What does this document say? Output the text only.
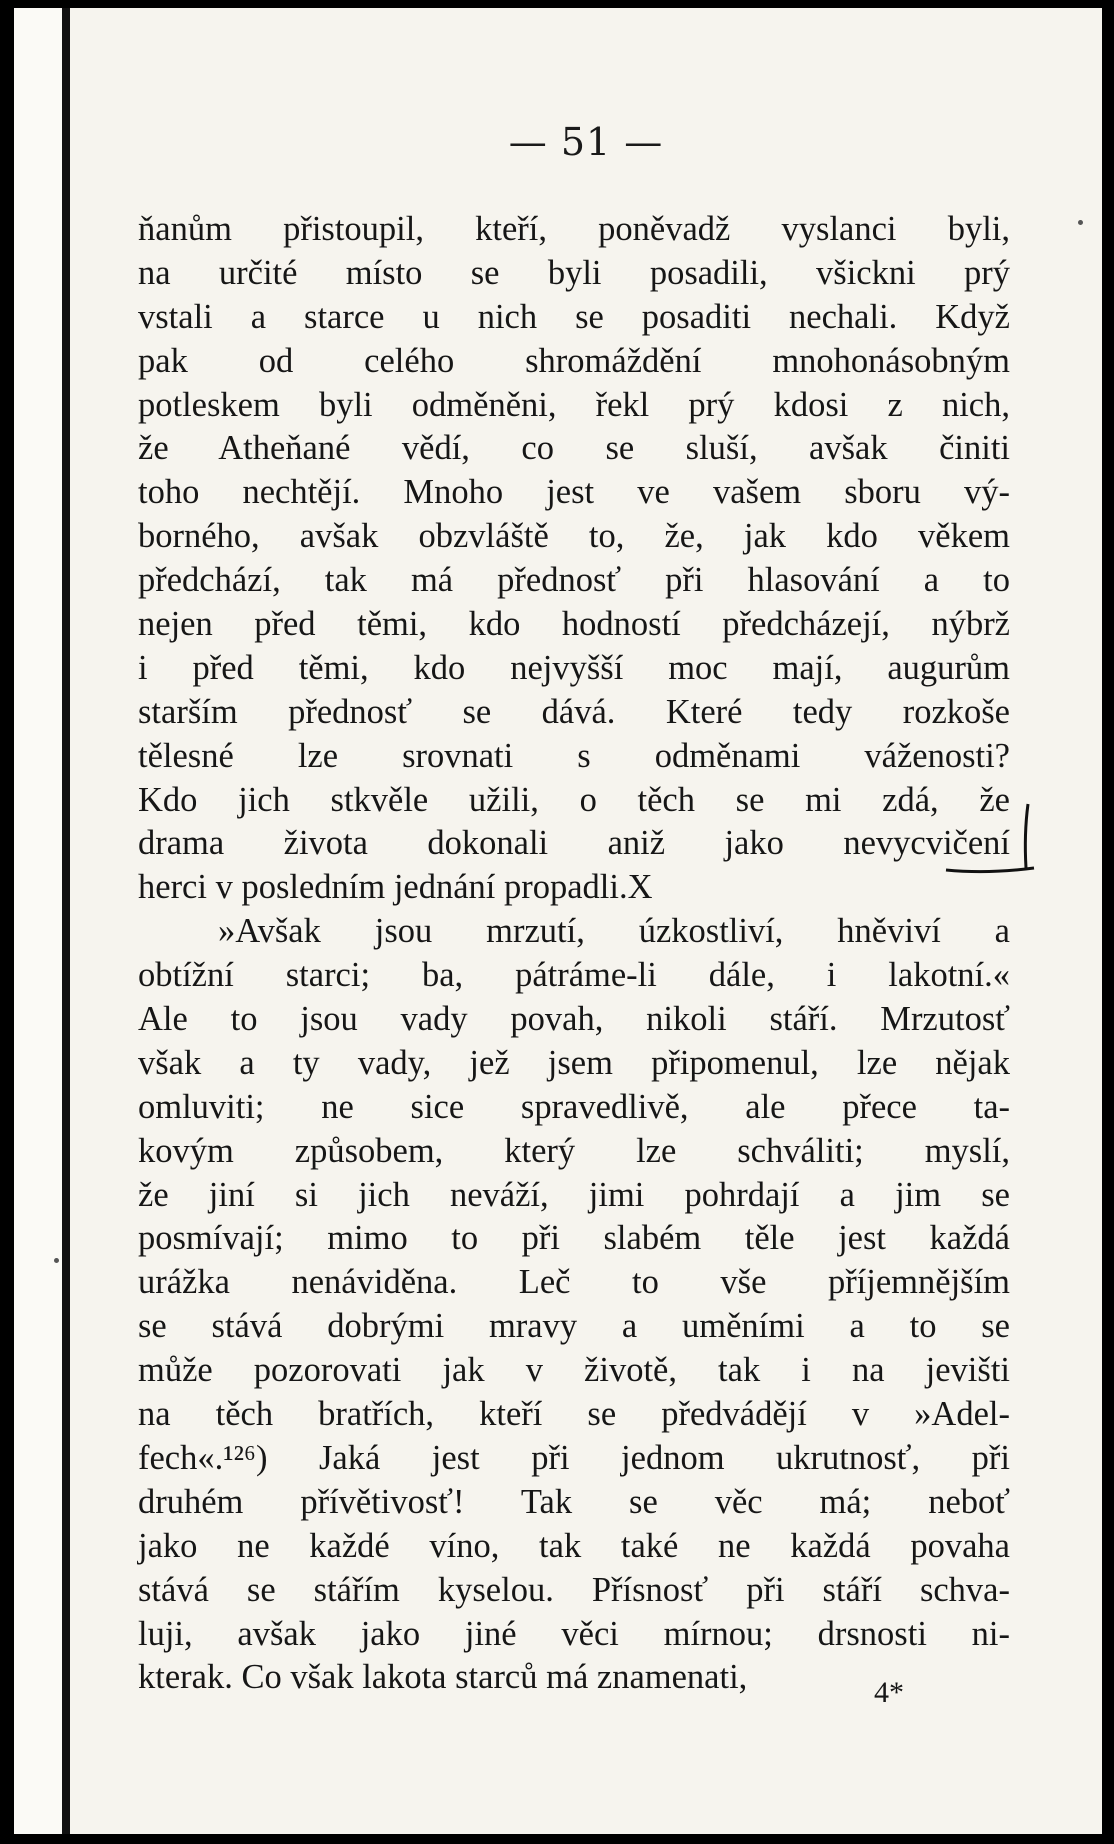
— 51 —
ňanům přistoupil, kteří, poněvadž vyslanci byli,
na určité místo se byli posadili, všickni prý
vstali a starce u nich se posaditi nechali. Když
pak od celého shromáždění mnohonásobným
potleskem byli odměněni, řekl prý kdosi z nich,
že Atheňané vědí, co se sluší, avšak činiti
toho nechtějí. Mnoho jest ve vašem sboru vý-
borného, avšak obzvláště to, že, jak kdo věkem
předchází, tak má přednosť při hlasování a to
nejen před těmi, kdo hodností předcházejí, nýbrž
i před těmi, kdo nejvyšší moc mají, augurům
starším přednosť se dává. Které tedy rozkoše
tělesné lze srovnati s odměnami váženosti?
Kdo jich stkvěle užili, o těch se mi zdá, že
drama života dokonali aniž jako nevycvičení
herci v posledním jednání propadli.X
»Avšak jsou mrzutí, úzkostliví, hněviví a
obtížní starci; ba, pátráme-li dále, i lakotní.«
Ale to jsou vady povah, nikoli stáří. Mrzutosť
však a ty vady, jež jsem připomenul, lze nějak
omluviti; ne sice spravedlivě, ale přece ta-
kovým způsobem, který lze schváliti; myslí,
že jiní si jich neváží, jimi pohrdají a jim se
posmívají; mimo to při slabém těle jest každá
urážka nenáviděna. Leč to vše příjemnějším
se stává dobrými mravy a uměními a to se
může pozorovati jak v životě, tak i na jevišti
na těch bratřích, kteří se předvádějí v »Adel-
fech«.¹²⁶) Jaká jest při jednom ukrutnosť, při
druhém přívětivosť! Tak se věc má; neboť
jako ne každé víno, tak také ne každá povaha
stává se stářím kyselou. Přísnosť při stáří schva-
luji, avšak jako jiné věci mírnou; drsnosti ni-
kterak. Co však lakota starců má znamenati,	4*
